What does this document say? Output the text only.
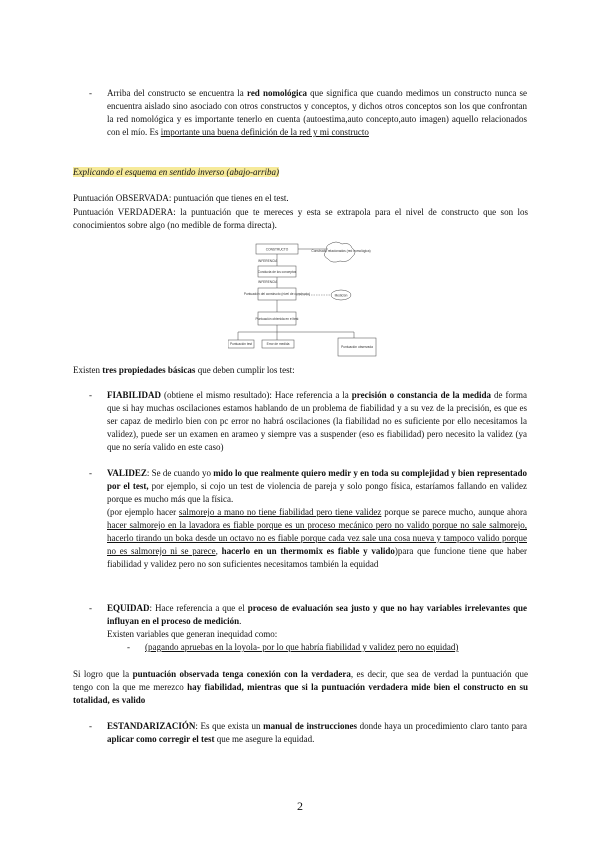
- Arriba del constructo se encuentra la red nomológica que significa que cuando medimos un constructo nunca se encuentra aislado sino asociado con otros constructos y conceptos, y dichos otros conceptos son los que confrontan la red nomológica y es importante tenerlo en cuenta (autoestima,auto concepto,auto imagen) aquello relacionados con el mío. Es importante una buena definición de la red y mi constructo
Explicando el esquema en sentido inverso (abajo-arriba)
Puntuación OBSERVADA: puntuación que tienes en el test.
Puntuación VERDADERA: la puntuación que te mereces y esta se extrapola para el nivel de constructo que son los conocimientos sobre algo (no medible de forma directa).
CONSTRUCTO	Constructo relacionados (red nomológica)
INFERENCIA
Conducta de los conceptos
INFERENCIA
Puntuación del constructo (nivel de constructo)	Medición
Puntuación obtenida en el test
Puntuación test	Error de medida
Puntuación observada
Existen tres propiedades básicas que deben cumplir los test:
- FIABILIDAD (obtiene el mismo resultado): Hace referencia a la precisión o constancia de la medida de forma que si hay muchas oscilaciones estamos hablando de un problema de fiabilidad y a su vez de la precisión, es que es ser capaz de medirlo bien con pc error no habrá oscilaciones (la fiabilidad no es suficiente por ello necesitamos la validez), puede ser un examen en arameo y siempre vas a suspender (eso es fiabilidad) pero necesito la validez (ya que no sería valido en este caso)
- VALIDEZ: Se de cuando yo mido lo que realmente quiero medir y en toda su complejidad y bien representado por el test, por ejemplo, si cojo un test de violencia de pareja y solo pongo física, estaríamos fallando en validez porque es mucho más que la física.
(por ejemplo hacer salmorejo a mano no tiene fiabilidad pero tiene validez porque se parece mucho, aunque ahora hacer salmorejo en la lavadora es fiable porque es un proceso mecánico pero no valido porque no sale salmorejo, hacerlo tirando un boka desde un octavo no es fiable porque cada vez sale una cosa nueva y tampoco valido porque no es salmorejo ni se parece, hacerlo en un thermomix es fiable y valido)para que funcione tiene que haber fiabilidad y validez pero no son suficientes necesitamos también la equidad
- EQUIDAD: Hace referencia a que el proceso de evaluación sea justo y que no hay variables irrelevantes que influyan en el proceso de medición.
Existen variables que generan inequidad como:
- (pagando apruebas en la loyola- por lo que habría fiabilidad y validez pero no equidad)
Si logro que la puntuación observada tenga conexión con la verdadera, es decir, que sea de verdad la puntuación que tengo con la que me merezco hay fiabilidad, mientras que si la puntuación verdadera mide bien el constructo en su totalidad, es valido
- ESTANDARIZACIÓN: Es que exista un manual de instrucciones donde haya un procedimiento claro tanto para aplicar como corregir el test que me asegure la equidad.
2
